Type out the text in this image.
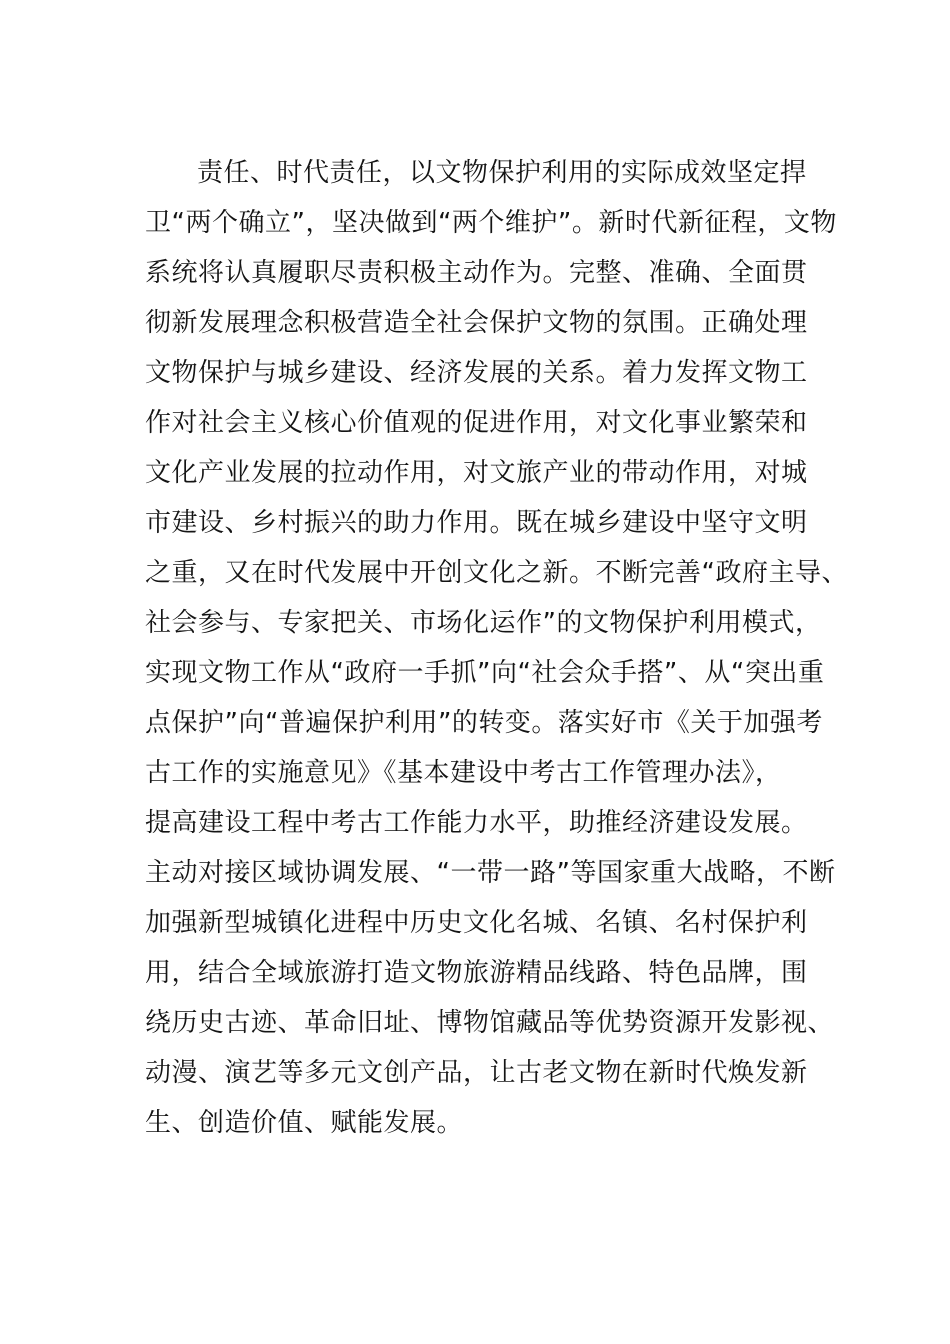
责任、时代责任，以文物保护利用的实际成效坚定捍
卫“两个确立”，坚决做到“两个维护”。新时代新征程，文物
系统将认真履职尽责积极主动作为。完整、准确、全面贯
彻新发展理念积极营造全社会保护文物的氛围。正确处理
文物保护与城乡建设、经济发展的关系。着力发挥文物工
作对社会主义核心价值观的促进作用，对文化事业繁荣和
文化产业发展的拉动作用，对文旅产业的带动作用，对城
市建设、乡村振兴的助力作用。既在城乡建设中坚守文明
之重，又在时代发展中开创文化之新。不断完善“政府主导、
社会参与、专家把关、市场化运作”的文物保护利用模式，
实现文物工作从“政府一手抓”向“社会众手搭”、从“突出重
点保护”向“普遍保护利用”的转变。落实好市《关于加强考
古工作的实施意见》《基本建设中考古工作管理办法》，
提高建设工程中考古工作能力水平，助推经济建设发展。
主动对接区域协调发展、“一带一路”等国家重大战略，不断
加强新型城镇化进程中历史文化名城、名镇、名村保护利
用，结合全域旅游打造文物旅游精品线路、特色品牌，围
绕历史古迹、革命旧址、博物馆藏品等优势资源开发影视、
动漫、演艺等多元文创产品，让古老文物在新时代焕发新
生、创造价值、赋能发展。
